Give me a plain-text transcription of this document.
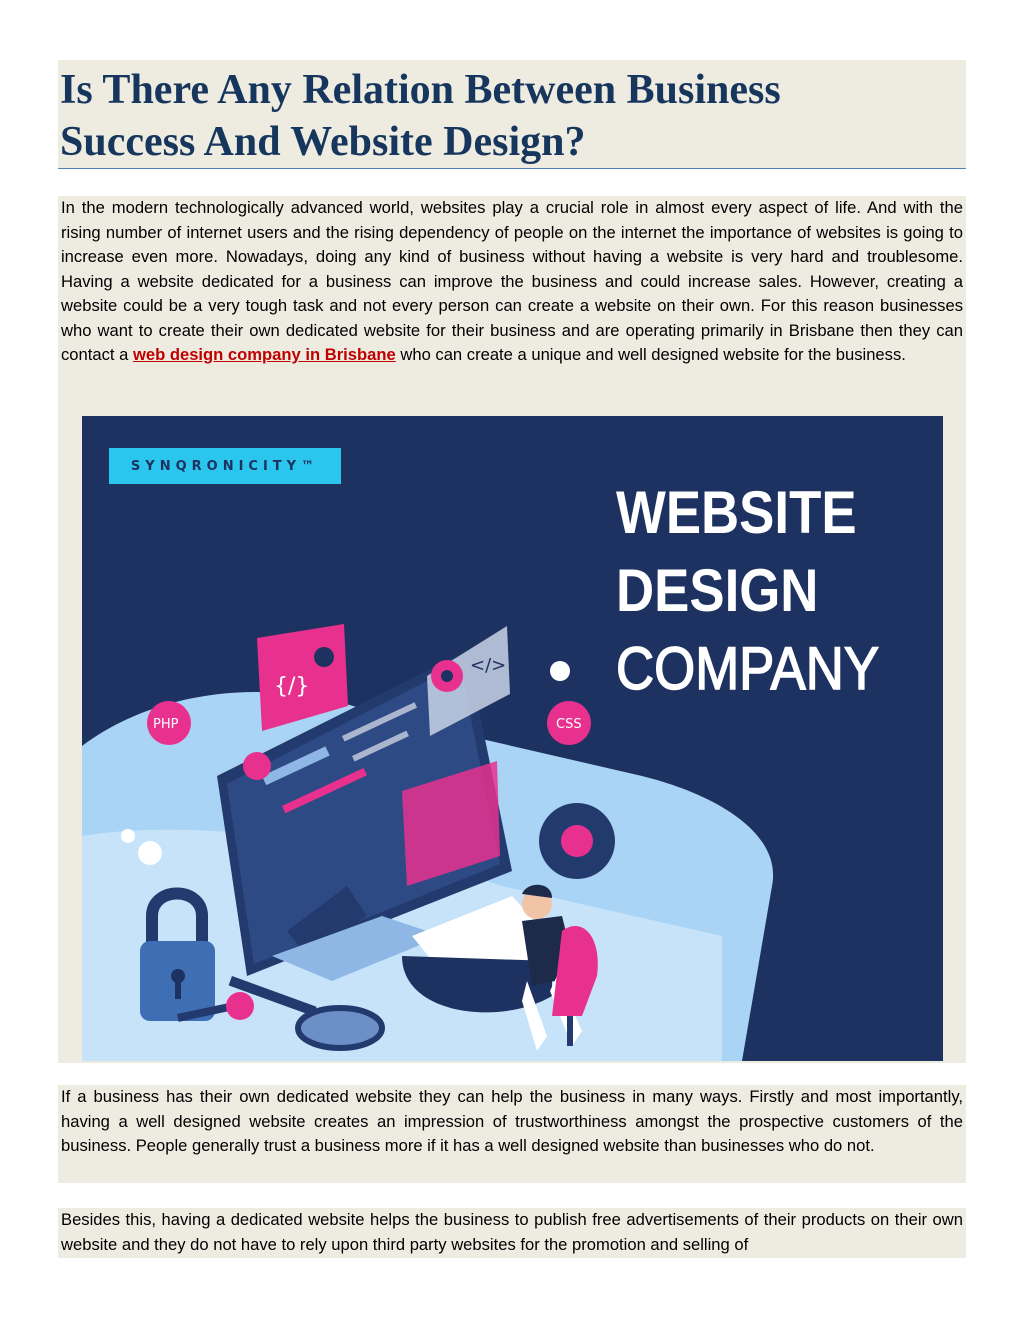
Is There Any Relation Between Business
Success And Website Design?
In the modern technologically advanced world, websites play a crucial role in almost every aspect of life. And with the rising number of internet users and the rising dependency of people on the internet the importance of websites is going to increase even more. Nowadays, doing any kind of business without having a website is very hard and troublesome. Having a website dedicated for a business can improve the business and could increase sales. However, creating a website could be a very tough task and not every person can create a website on their own. For this reason businesses who want to create their own dedicated website for their business and are operating primarily in Brisbane then they can contact a web design company in Brisbane who can create a unique and well designed website for the business.
{/}
</>
PHP	CSS
SYNQRONICITY™
WEBSITE
DESIGN
COMPANY
If a business has their own dedicated website they can help the business in many ways. Firstly and most importantly, having a well designed website creates an impression of trustworthiness amongst the prospective customers of the business. People generally trust a business more if it has a well designed website than businesses who do not.
Besides this, having a dedicated website helps the business to publish free advertisements of their products on their own website and they do not have to rely upon third party websites for the promotion and selling of
